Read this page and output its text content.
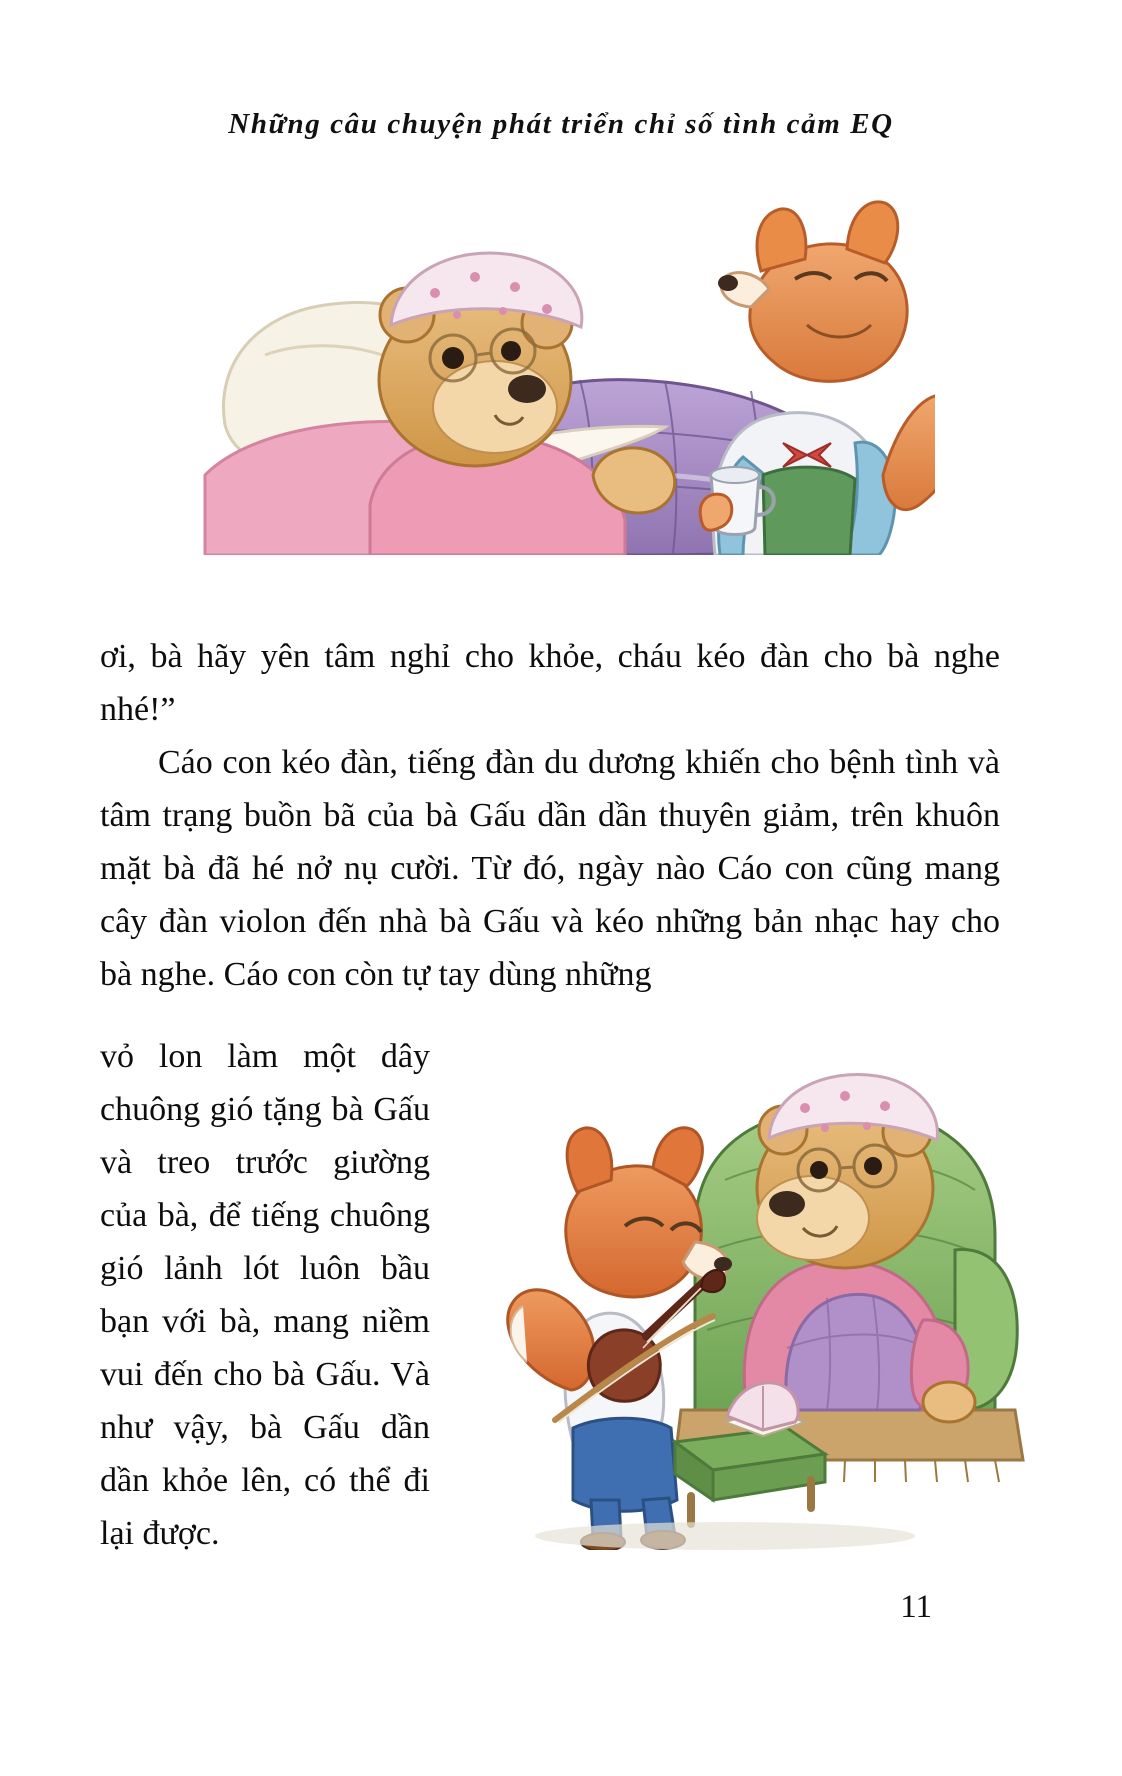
Những câu chuyện phát triển chỉ số tình cảm EQ

ơi, bà hãy yên tâm nghỉ cho khỏe, cháu kéo đàn cho bà nghe nhé!”

Cáo con kéo đàn, tiếng đàn du dương khiến cho bệnh tình và tâm trạng buồn bã của bà Gấu dần dần thuyên giảm, trên khuôn mặt bà đã hé nở nụ cười. Từ đó, ngày nào Cáo con cũng mang cây đàn violon đến nhà bà Gấu và kéo những bản nhạc hay cho bà nghe. Cáo con còn tự tay dùng những

vỏ lon làm một dây chuông gió tặng bà Gấu và treo trước giường của bà, để tiếng chuông gió lảnh lót luôn bầu bạn với bà, mang niềm vui đến cho bà Gấu. Và như vậy, bà Gấu dần dần khỏe lên, có thể đi lại được.

11
